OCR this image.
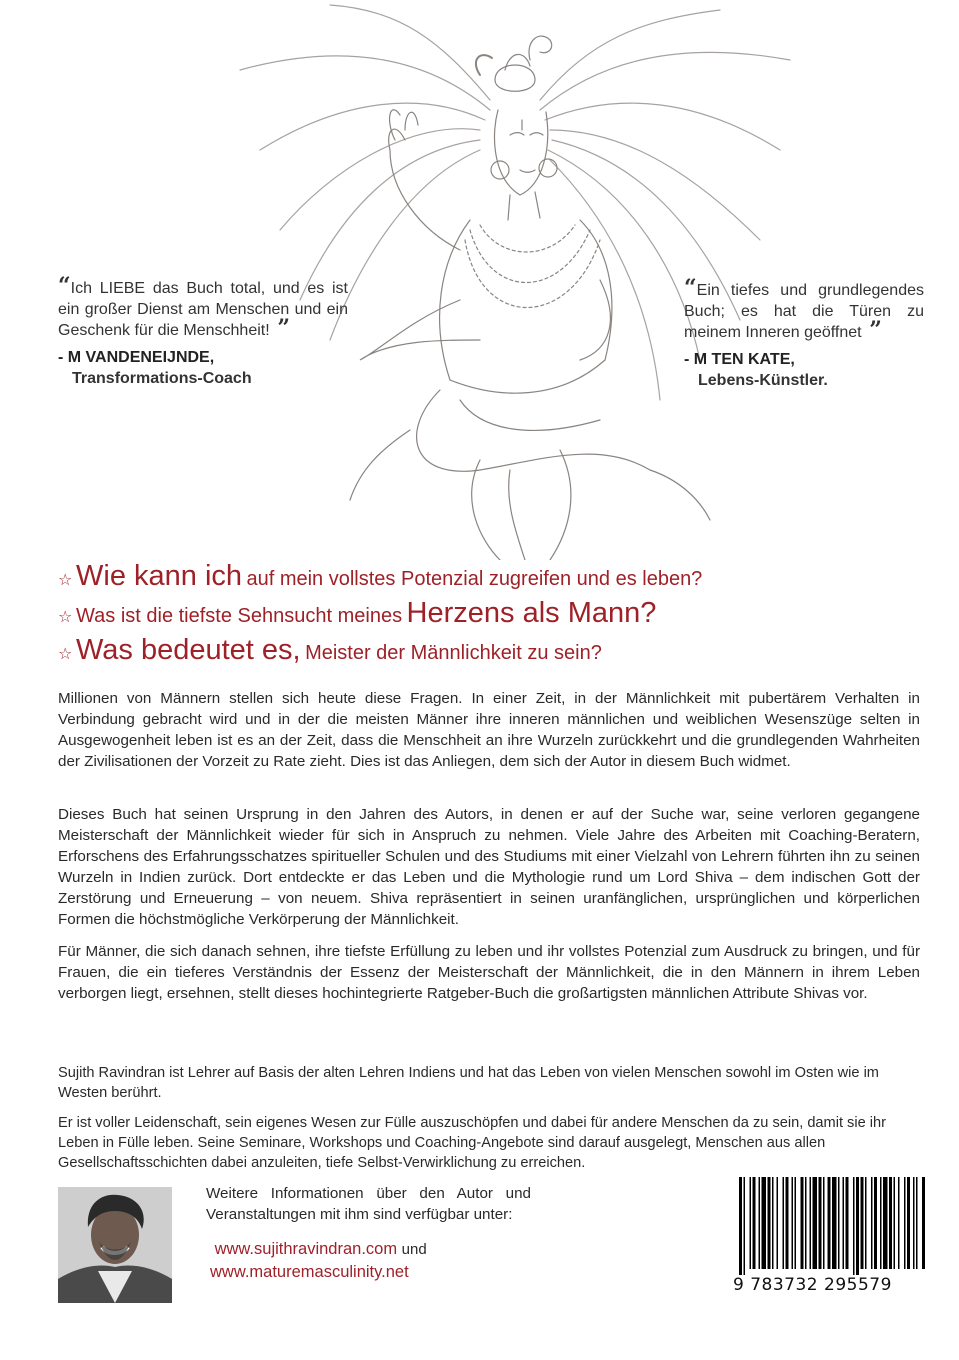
“Ich LIEBE das Buch total, und es ist ein großer Dienst am Menschen und ein Geschenk für die Menschheit! ”
- M VANDENEIJNDE,
Transformations-Coach
“Ein tiefes und grundlegendes Buch; es hat die Türen zu meinem Inneren geöffnet ”
- M TEN KATE,
Lebens-Künstler.
☆ Wie kann ich
auf mein vollstes Potenzial zugreifen und es leben?
☆ Was ist die tiefste Sehnsucht meines
Herzens als Mann?
☆ Was bedeutet es,
Meister der Männlichkeit zu sein?
Millionen von Männern stellen sich heute diese Fragen. In einer Zeit, in der Männlichkeit mit pubertärem Verhalten in Verbindung gebracht wird und in der die meisten Männer ihre inneren männlichen und weiblichen Wesenszüge selten in Ausgewogenheit leben ist es an der Zeit, dass die Menschheit an ihre Wurzeln zurückkehrt und die grundlegenden Wahrheiten der Zivilisationen der Vorzeit zu Rate zieht. Dies ist das Anliegen, dem sich der Autor in diesem Buch widmet.
Dieses Buch hat seinen Ursprung in den Jahren des Autors, in denen er auf der Suche war, seine verloren gegangene Meisterschaft der Männlichkeit wieder für sich in Anspruch zu nehmen. Viele Jahre des Arbeiten mit Coaching-Beratern, Erforschens des Erfahrungsschatzes spiritueller Schulen und des Studiums mit einer Vielzahl von Lehrern führten ihn zu seinen Wurzeln in Indien zurück. Dort entdeckte er das Leben und die Mythologie rund um Lord Shiva – dem indischen Gott der Zerstörung und Erneuerung – von neuem. Shiva repräsentiert in seinen uranfänglichen, ursprünglichen und körperlichen Formen die höchstmögliche Verkörperung der Männlichkeit.
Für Männer, die sich danach sehnen, ihre tiefste Erfüllung zu leben und ihr vollstes Potenzial zum Ausdruck zu bringen, und für Frauen, die ein tieferes Verständnis der Essenz der Meisterschaft der Männlichkeit, die in den Männern in ihrem Leben verborgen liegt, ersehnen, stellt dieses hochintegrierte Ratgeber-Buch die großartigsten männlichen Attribute Shivas vor.
Sujith Ravindran ist Lehrer auf Basis der alten Lehren Indiens und hat das Leben von vielen Menschen sowohl im Osten wie im Westen berührt.
Er ist voller Leidenschaft, sein eigenes Wesen zur Fülle auszuschöpfen und dabei für andere Menschen da zu sein, damit sie ihr Leben in Fülle leben. Seine Seminare, Workshops und Coaching-Angebote sind darauf ausgelegt, Menschen aus allen Gesellschaftsschichten dabei anzuleiten, tiefe Selbst-Verwirklichung zu erreichen.
Weitere Informationen über den Autor und Veranstaltungen mit ihm sind verfügbar unter:
www.sujithravindran.com und
www.maturemasculinity.net
9 783732 295579
